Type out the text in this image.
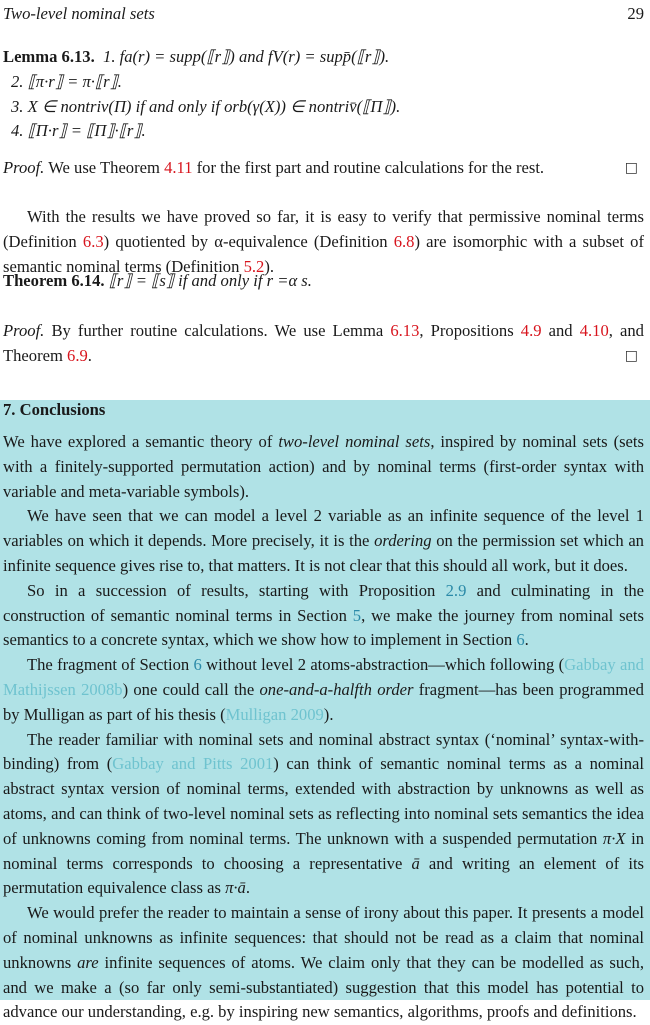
Two-level nominal sets	29

Lemma 6.13. 1. fa(r) = supp(⟦r⟧) and fV(r) = supp̄(⟦r⟧).

2. ⟦π·r⟧ = π·⟦r⟧.

3. X ∈ nontriv(Π) if and only if orb(γ(X)) ∈ nontriv̄(⟦Π⟧).

4. ⟦Π·r⟧ = ⟦Π⟧·⟦r⟧.

Proof. We use Theorem 4.11 for the first part and routine calculations for the rest.	□
With the results we have proved so far, it is easy to verify that permissive nominal terms (Definition 6.3) quotiented by α-equivalence (Definition 6.8) are isomorphic with a subset of semantic nominal terms (Definition 5.2).
Theorem 6.14. ⟦r⟧ = ⟦s⟧ if and only if r =α s.
Proof. By further routine calculations. We use Lemma 6.13, Propositions 4.9 and 4.10, and Theorem 6.9.	□
7. Conclusions

We have explored a semantic theory of two-level nominal sets, inspired by nominal sets (sets with a finitely-supported permutation action) and by nominal terms (first-order syntax with variable and meta-variable symbols).

We have seen that we can model a level 2 variable as an infinite sequence of the level 1 variables on which it depends. More precisely, it is the ordering on the permission set which an infinite sequence gives rise to, that matters. It is not clear that this should all work, but it does.

So in a succession of results, starting with Proposition 2.9 and culminating in the construction of semantic nominal terms in Section 5, we make the journey from nominal sets semantics to a concrete syntax, which we show how to implement in Section 6.

The fragment of Section 6 without level 2 atoms-abstraction—which following (Gabbay and Mathijssen 2008b) one could call the one-and-a-halfth order fragment—has been programmed by Mulligan as part of his thesis (Mulligan 2009).

The reader familiar with nominal sets and nominal abstract syntax (‘nominal’ syntax-with-binding) from (Gabbay and Pitts 2001) can think of semantic nominal terms as a nominal abstract syntax version of nominal terms, extended with abstraction by unknowns as well as atoms, and can think of two-level nominal sets as reflecting into nominal sets semantics the idea of unknowns coming from nominal terms. The unknown with a suspended permutation π·X in nominal terms corresponds to choosing a representative ā and writing an element of its permutation equivalence class as π·ā.

We would prefer the reader to maintain a sense of irony about this paper. It presents a model of nominal unknowns as infinite sequences: that should not be read as a claim that nominal unknowns are infinite sequences of atoms. We claim only that they can be modelled as such, and we make a (so far only semi-substantiated) suggestion that this model has potential to advance our understanding, e.g. by inspiring new semantics, algorithms, proofs and definitions.
